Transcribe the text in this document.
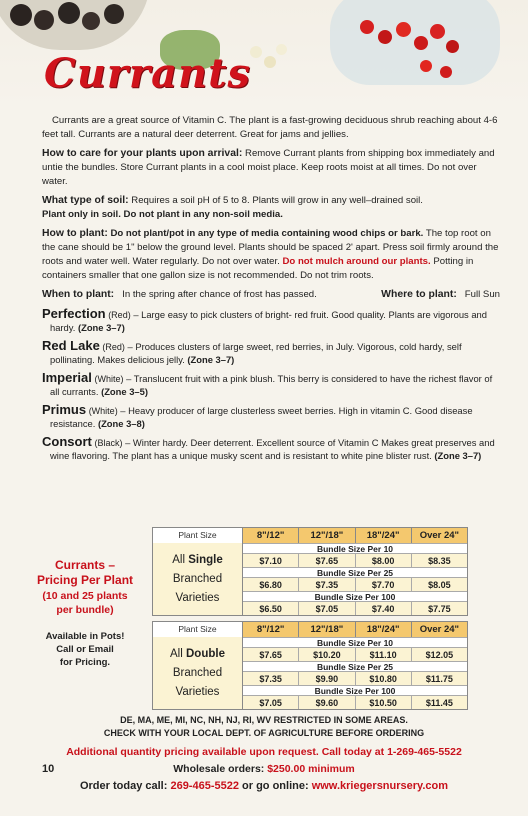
Currants

Currants are a great source of Vitamin C. The plant is a fast-growing deciduous shrub reaching about 4-6 feet tall. Currants are a natural deer deterrent. Great for jams and jellies.

How to care for your plants upon arrival: Remove Currant plants from shipping box immediately and untie the bundles. Store Currant plants in a cool moist place. Keep roots moist at all times. Do not over water.

What type of soil: Requires a soil pH of 5 to 8. Plants will grow in any well–drained soil.
Plant only in soil. Do not plant in any non-soil media.

How to plant: Do not plant/pot in any type of media containing wood chips or bark. The top root on the cane should be 1" below the ground level. Plants should be spaced 2' apart. Press soil firmly around the roots and water well. Water regularly. Do not over water. Do not mulch around our plants. Potting in containers smaller that one gallon size is not recommended. Do not trim roots.

When to plant: In the spring after chance of frost has passed.	Where to plant: Full Sun
Perfection (Red) – Large easy to pick clusters of bright- red fruit. Good quality. Plants are vigorous and hardy. (Zone 3–7)
Red Lake (Red) – Produces clusters of large sweet, red berries, in July. Vigorous, cold hardy, self pollinating. Makes delicious jelly. (Zone 3–7)
Imperial (White) – Translucent fruit with a pink blush. This berry is considered to have the richest flavor of all currants. (Zone 3–5)
Primus (White) – Heavy producer of large clusterless sweet berries. High in vitamin C. Good disease resistance. (Zone 3–8)
Consort (Black) – Winter hardy. Deer deterrent. Excellent source of Vitamin C Makes great preserves and wine flavoring. The plant has a unique musky scent and is resistant to white pine blister rust. (Zone 3–7)
Currants –
Pricing Per Plant
(10 and 25 plants
per bundle)
Available in Pots!
Call or Email
for Pricing.
Plant Size	8"/12"	12"/18"	18"/24"	Over 24"
All Single
Branched
Varieties
Bundle Size Per 10
$7.10	$7.65	$8.00	$8.35
Bundle Size Per 25
$6.80	$7.35	$7.70	$8.05
Bundle Size Per 100
$6.50	$7.05	$7.40	$7.75
Plant Size	8"/12"	12"/18"	18"/24"	Over 24"
All Double
Branched
Varieties
Bundle Size Per 10
$7.65	$10.20	$11.10	$12.05
Bundle Size Per 25
$7.35	$9.90	$10.80	$11.75
Bundle Size Per 100
$7.05	$9.60	$10.50	$11.45
DE, MA, ME, MI, NC, NH, NJ, RI, WV RESTRICTED IN SOME AREAS.
CHECK WITH YOUR LOCAL DEPT. OF AGRICULTURE BEFORE ORDERING
Additional quantity pricing available upon request. Call today at 1-269-465-5522
Wholesale orders: $250.00 minimum
Order today call: 269-465-5522 or go online: www.kriegersnursery.com
10
